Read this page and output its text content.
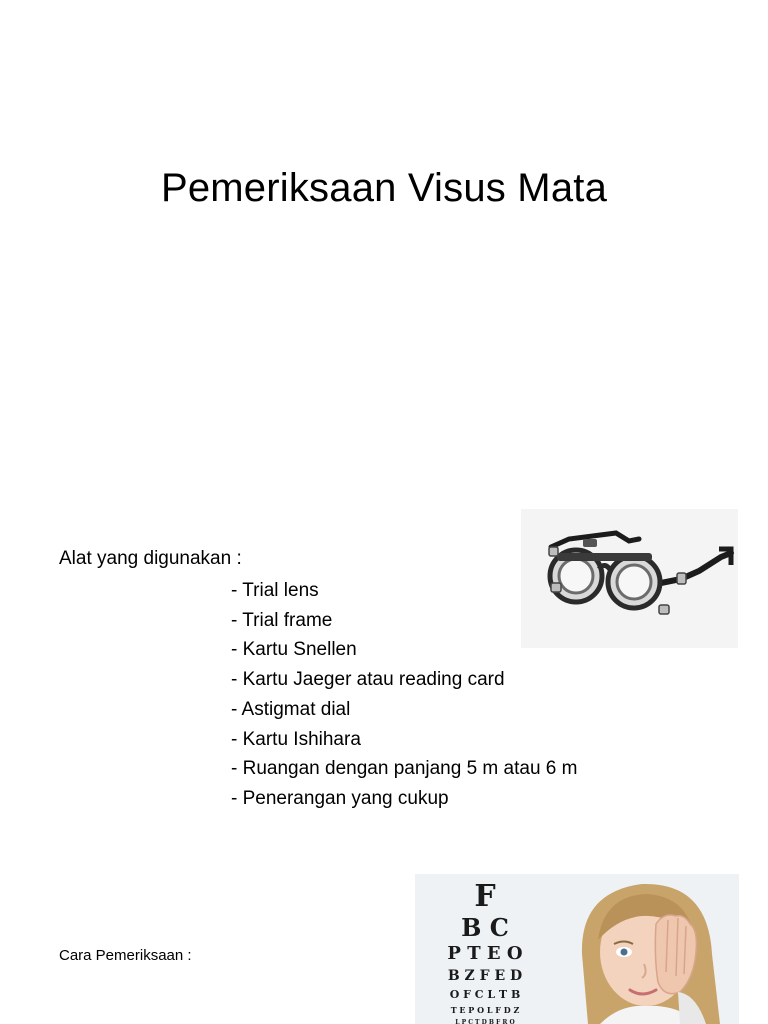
Pemeriksaan Visus Mata
Alat yang digunakan :
- Trial lens
- Trial frame
- Kartu Snellen
- Kartu Jaeger atau reading card
- Astigmat dial
- Kartu Ishihara
- Ruangan dengan panjang 5 m atau 6 m
- Penerangan yang cukup
Cara Pemeriksaan :
F
B C
P T E O
B Z F E D
O F C L T B
T E P O L F D Z
L P C T D B F R O
